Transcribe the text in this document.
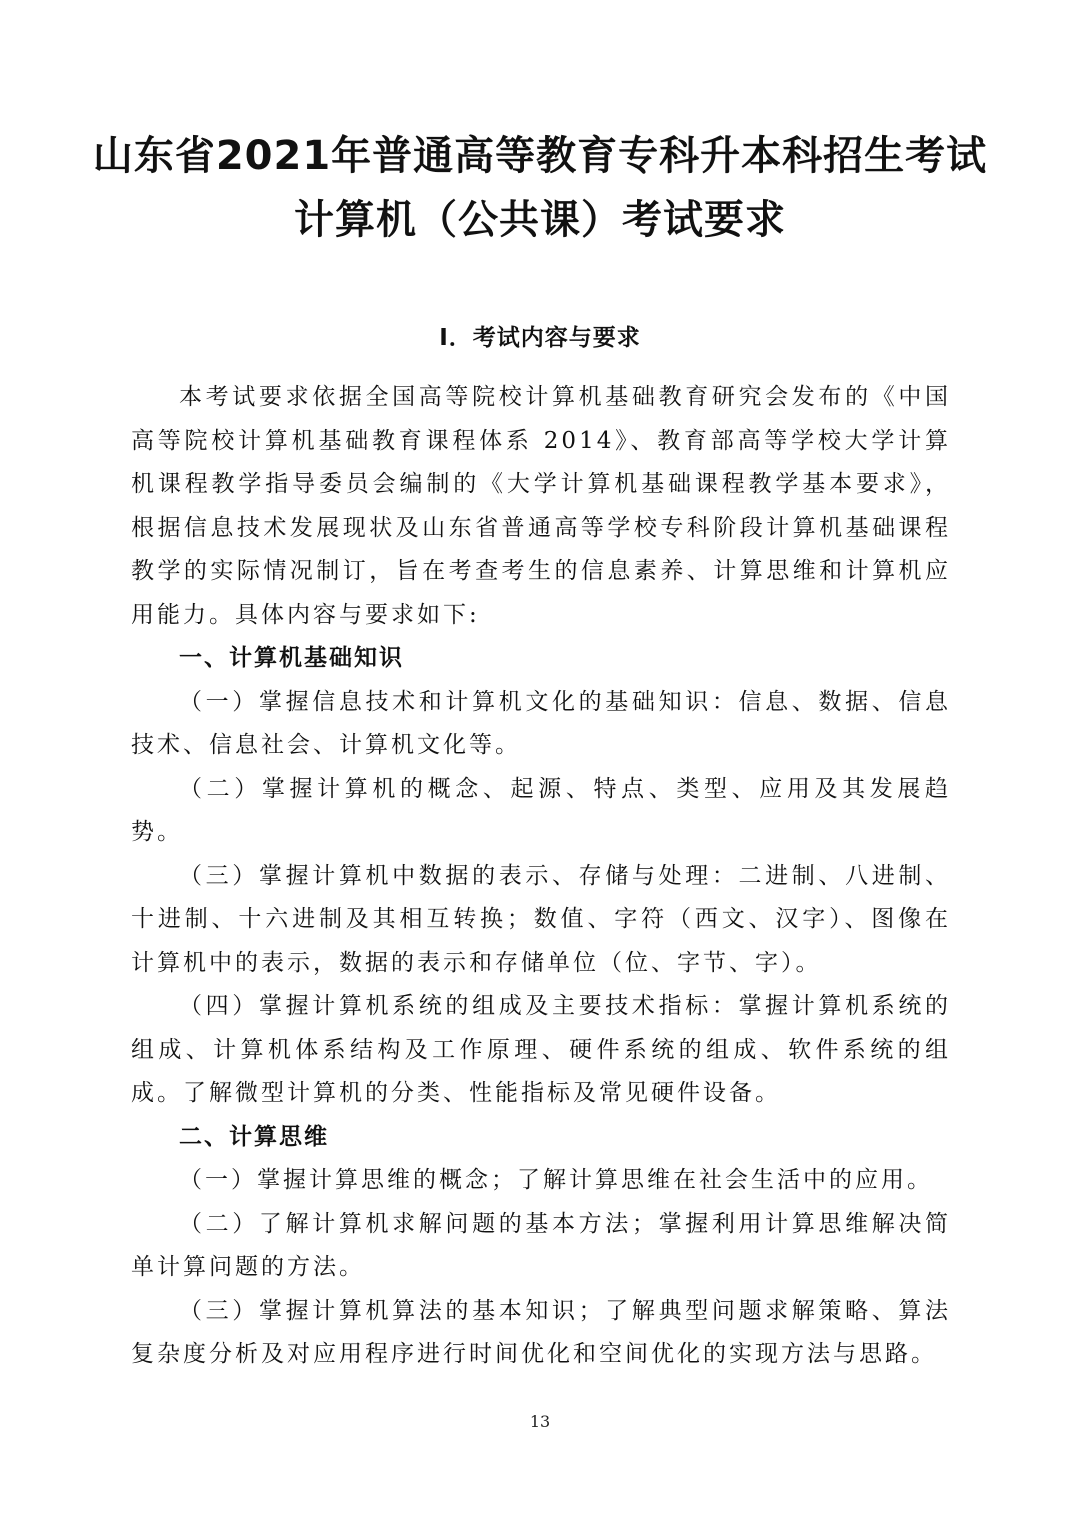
山东省2021年普通高等教育专科升本科招生考试
计算机（公共课）考试要求
I．考试内容与要求

本考试要求依据全国高等院校计算机基础教育研究会发布的《中国高等院校计算机基础教育课程体系 2014》、教育部高等学校大学计算机课程教学指导委员会编制的《大学计算机基础课程教学基本要求》，根据信息技术发展现状及山东省普通高等学校专科阶段计算机基础课程教学的实际情况制订，旨在考查考生的信息素养、计算思维和计算机应用能力。具体内容与要求如下:

一、计算机基础知识

（一）掌握信息技术和计算机文化的基础知识：信息、数据、信息技术、信息社会、计算机文化等。

（二）掌握计算机的概念、起源、特点、类型、应用及其发展趋势。

（三）掌握计算机中数据的表示、存储与处理：二进制、八进制、十进制、十六进制及其相互转换；数值、字符（西文、汉字）、图像在计算机中的表示，数据的表示和存储单位（位、字节、字）。

（四）掌握计算机系统的组成及主要技术指标：掌握计算机系统的组成、计算机体系结构及工作原理、硬件系统的组成、软件系统的组成。了解微型计算机的分类、性能指标及常见硬件设备。

二、计算思维

（一）掌握计算思维的概念；了解计算思维在社会生活中的应用。

（二）了解计算机求解问题的基本方法；掌握利用计算思维解决简单计算问题的方法。

（三）掌握计算机算法的基本知识；了解典型问题求解策略、算法复杂度分析及对应用程序进行时间优化和空间优化的实现方法与思路。

13
